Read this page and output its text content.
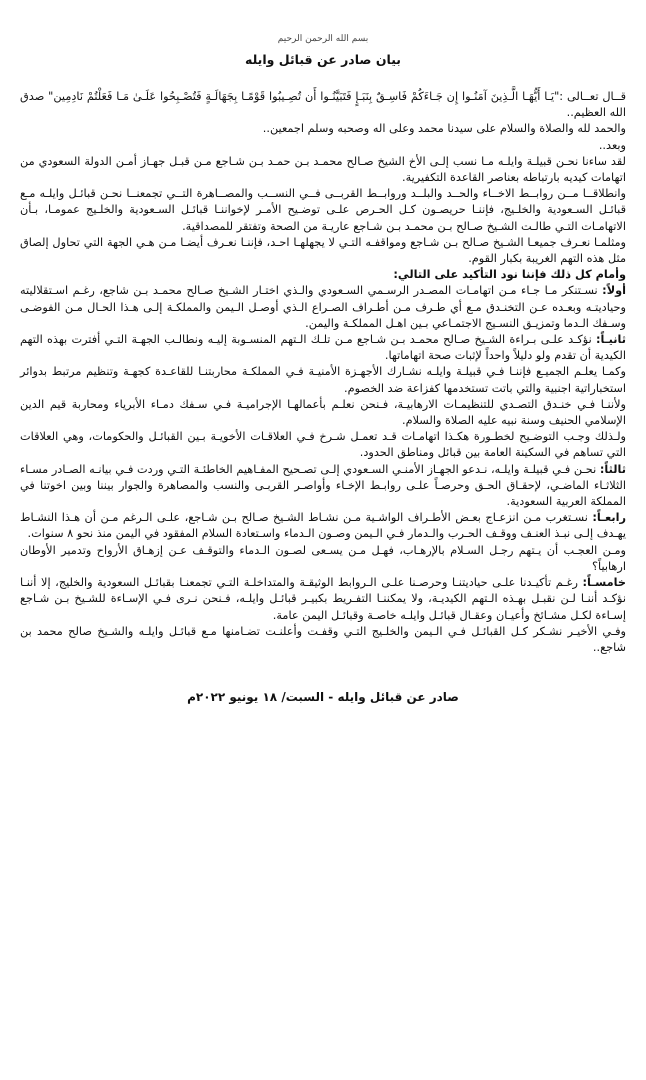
بسم الله الرحمن الرحيم
بيان صادر عن قبائل وايله

قــال تعــالى :"يَـا أَيُّهَـا الَّـذِينَ آمَنُـوا إِن جَـاءَكُمْ فَاسِـقٌ بِنَبَـإٍ فَتَبَيَّنُـوا أَن تُصِـيبُوا قَوْمًـا بِجَهَالَـةٍ فَتُصْـبِحُوا عَلَـىٰ مَـا فَعَلْتُمْ نَادِمِين" صدق الله العظيم..

والحمد لله والصلاة والسلام على سيدنا محمد وعلى اله وصحبه وسلم اجمعين..

وبعد..

لقد ساءنا نحـن قبيلـة وايلـه مـا نسب إلـى الأخ الشيخ صـالح محمـد بـن حمـد بـن شـاجع مـن قبـل جهـاز أمـن الدولة السعودي من اتهامات كيديه بارتباطه بعناصر القاعدة التكفيرية.

وانطلاقــا مــن روابــط الاخــاء والحــد والبلــد وروابــط القربــى فــي النســب والمصــاهرة التــي تجمعنــا نحـن قبائـل وايلـه مـع قبائـل السـعودية والخلـيج، فإننـا حريصـون كـل الحـرص علـى توضـيح الأمـر لإخواننـا قبائـل السـعودية والخلـيج عمومـا، بـأن الاتهامـات التـي طالـت الشـيخ صـالح بـن محمـد بـن شـاجع عاريـة من الصحة وتفتقر للمصداقية.

ومثلمـا نعـرف جميعـا الشـيخ صـالح بـن شـاجع ومواقفـه التـي لا يجهلهـا احـد، فإننـا نعـرف أيضـا مـن هـي الجهة التي تحاول إلصاق مثل هذه التهم الغريبة بكبار القوم.

وأمام كل ذلك فإننا نود التأكيد على التالي:

أولاً: نسـتنكر مـا جـاء مـن اتهامـات المصـدر الرسـمي السـعودي والـذي اختـار الشـيخ صـالح محمـد بـن شاجع، رغـم اسـتقلاليته وحياديتـه وبعـده عـن التخنـدق مـع أي طـرف مـن أطـراف الصـراع الـذي أوصـل الـيمن والمملكـة إلـى هـذا الحـال مـن الفوضـى وسـفك الـدما وتمزيـق النسـيج الاجتمـاعي بـين اهـل المملكـة واليمن.

ثانيـاً: نؤكـد علـى بـراءة الشـيخ صـالح محمـد بـن شـاجع مـن تلـك الـتهم المنسـوبة إليـه ونطالـب الجهـة التـي أفترت بهذه التهم الكيدية أن تقدم ولو دليلاً واحداً لإثبات صحة اتهاماتها.

وكمـا يعلـم الجميـع فإننـا فـي قبيلـة وايلـه نشـارك الأجهـزة الأمنيـة فـي المملكـة محاربتنـا للقاعـدة كجهـة وتنظيم مرتبط بدوائر استخباراتية اجنبية والتي باتت تستخدمها كفزاعة ضد الخصوم.

ولأننـا فـي خنـدق التصـدي للتنظيمـات الارهابيـة، فـنحن نعلـم بأعمالهـا الإجراميـة فـي سـفك دمـاء الأبرياء ومحاربة قيم الدين الإسلامي الحنيف وسنة نبيه عليه الصلاة والسلام.

ولـذلك وجـب التوضـيح لخطـورة هكـذا اتهامـات قـد تعمـل شـرخ فـي العلاقـات الأخويـة بـين القبائـل والحكومات، وهي العلاقات التي تساهم في السكينة العامة بين قبائل ومناطق الحدود.

ثالثاً: نحـن فـي قبيلـة وايلـه، نـدعو الجهـاز الأمنـي السـعودي إلـى تصـحيح المفـاهيم الخاطئـة التـي وردت فـي بيانـه الصـادر مسـاء الثلاثـاء الماضـي، لإحقـاق الحـق وحرصـاً علـى روابـط الإخـاء وأواصـر القربـى والنسب والمصاهرة والجوار بيننا وبين اخوتنا في المملكة العربية السعودية.

رابعـاً: نسـتغرب مـن انزعـاج بعـض الأطـراف الواشـية مـن نشـاط الشـيخ صـالح بـن شـاجع، علـى الـرغم مـن أن هـذا النشـاط يهـدف إلـى نبـذ العنـف ووقـف الحـرب والـدمار فـي الـيمن وصـون الـدماء واسـتعادة السلام المفقود في اليمن منذ نحو ٨ سنوات.

ومـن العجـب أن يـتهم رجـل السـلام بالإرهـاب، فهـل مـن يسـعى لصـون الـدماء والتوقـف عـن إزهـاق الأرواح وتدمير الأوطان ارهابياً؟

خامسـاً: رغـم تأكيـدنا علـى حياديتنـا وحرصـنا علـى الـروابط الوثيقـة والمتداخلـة التـي تجمعنـا بقبائـل السعودية والخليج، إلا أننـا نؤكـد أننـا لـن نقبـل بهـذه الـتهم الكيديـة، ولا يمكننـا التفـريط بكبيـر قبائـل وايلـه، فـنحن نـرى فـي الإسـاءة للشـيخ بـن شـاجع إسـاءة لكـل مشـائخ وأعيـان وعقـال قبائـل وايلـه خاصـة وقبائـل اليمن عامة.

وفـي الأخيـر نشـكر كـل القبائـل فـي الـيمن والخلـيج التـي وقفـت وأعلنـت تضـامنها مـع قبائـل وايلـه والشـيخ صالح محمد بن شاجع..

صادر عن قبائل وايله - السبت/ ١٨ يونيو ٢٠٢٢م
